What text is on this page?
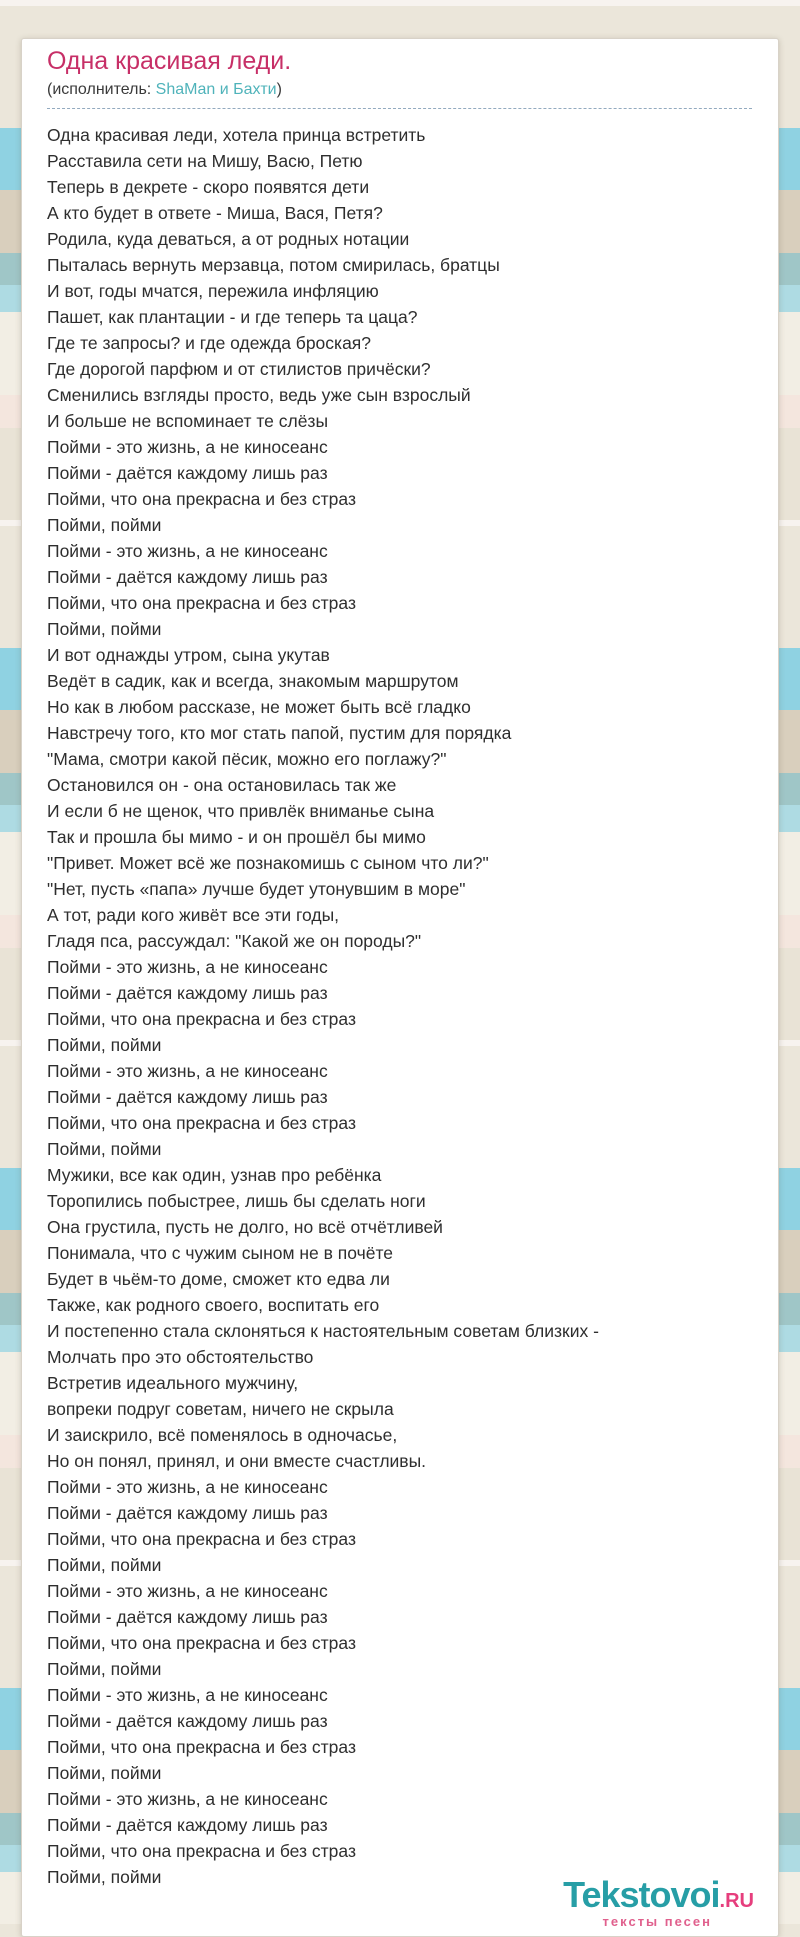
Одна красивая леди.
(исполнитель: ShaMan и Бахти)
Одна красивая леди, хотела принца встретить
Расставила сети на Мишу, Васю, Петю
Теперь в декрете - скоро появятся дети
А кто будет в ответе - Миша, Вася, Петя?
Родила, куда деваться, а от родных нотации
Пыталась вернуть мерзавца, потом смирилась, братцы
И вот, годы мчатся, пережила инфляцию
Пашет, как плантации - и где теперь та цаца?
Где те запросы? и где одежда броская?
Где дорогой парфюм и от стилистов причёски?
Сменились взгляды просто, ведь уже сын взрослый
И больше не вспоминает те слёзы
Пойми - это жизнь, а не киносеанс
Пойми - даётся каждому лишь раз
Пойми, что она прекрасна и без страз
Пойми, пойми
Пойми - это жизнь, а не киносеанс
Пойми - даётся каждому лишь раз
Пойми, что она прекрасна и без страз
Пойми, пойми
И вот однажды утром, сына укутав
Ведёт в садик, как и всегда, знакомым маршрутом
Но как в любом рассказе, не может быть всё гладко
Навстречу того, кто мог стать папой, пустим для порядка
"Мама, смотри какой пёсик, можно его поглажу?"
Остановился он - она остановилась так же
И если б не щенок, что привлёк вниманье сына
Так и прошла бы мимо - и он прошёл бы мимо
"Привет. Может всё же познакомишь с сыном что ли?"
"Нет, пусть «папа» лучше будет утонувшим в море"
А тот, ради кого живёт все эти годы,
Гладя пса, рассуждал: "Какой же он породы?"
Пойми - это жизнь, а не киносеанс
Пойми - даётся каждому лишь раз
Пойми, что она прекрасна и без страз
Пойми, пойми
Пойми - это жизнь, а не киносеанс
Пойми - даётся каждому лишь раз
Пойми, что она прекрасна и без страз
Пойми, пойми
Мужики, все как один, узнав про ребёнка
Торопились побыстрее, лишь бы сделать ноги
Она грустила, пусть не долго, но всё отчётливей
Понимала, что с чужим сыном не в почёте
Будет в чьём-то доме, сможет кто едва ли
Также, как родного своего, воспитать его
И постепенно стала склоняться к настоятельным советам близких -
Молчать про это обстоятельство
Встретив идеального мужчину,
вопреки подруг советам, ничего не скрыла
И заискрило, всё поменялось в одночасье,
Но он понял, принял, и они вместе счастливы.
Пойми - это жизнь, а не киносеанс
Пойми - даётся каждому лишь раз
Пойми, что она прекрасна и без страз
Пойми, пойми
Пойми - это жизнь, а не киносеанс
Пойми - даётся каждому лишь раз
Пойми, что она прекрасна и без страз
Пойми, пойми
Пойми - это жизнь, а не киносеанс
Пойми - даётся каждому лишь раз
Пойми, что она прекрасна и без страз
Пойми, пойми
Пойми - это жизнь, а не киносеанс
Пойми - даётся каждому лишь раз
Пойми, что она прекрасна и без страз
Пойми, пойми	Tekstovoi.RU
тексты песен
